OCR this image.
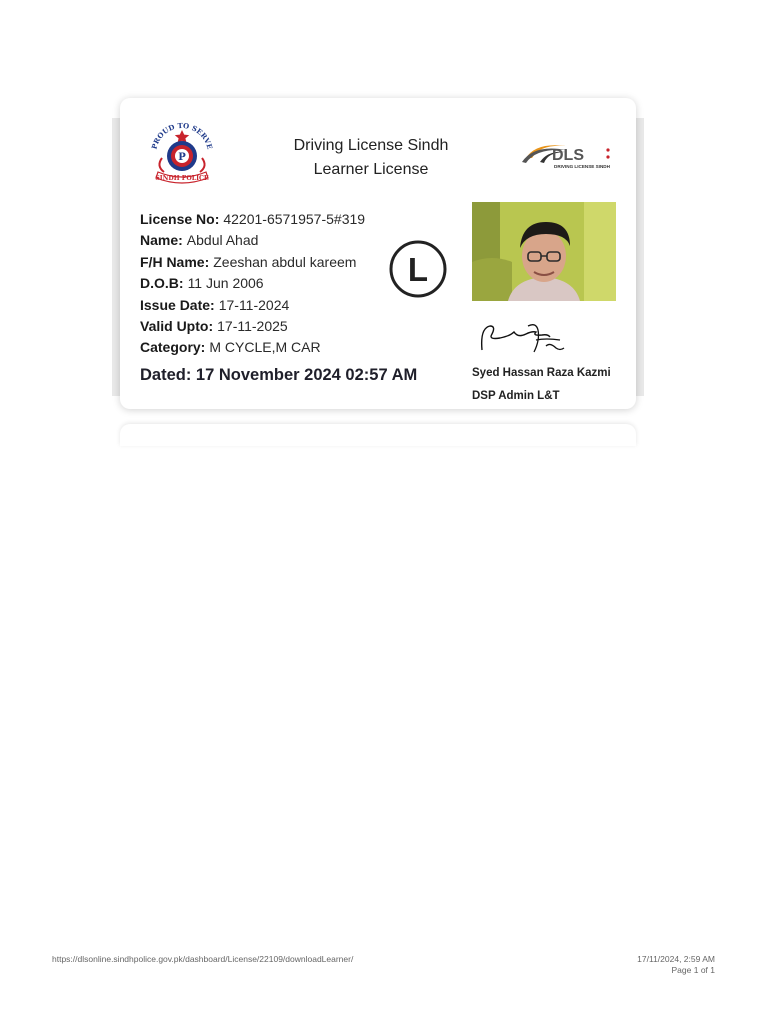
PROUD TO SERVE
P
SINDH POLICE
Driving License Sindh
Learner License
DLS
DRIVING LICENSE SINDH
License No: 42201-6571957-5#319
Name: Abdul Ahad
F/H Name: Zeeshan abdul kareem
D.O.B: 11 Jun 2006
Issue Date: 17-11-2024
Valid Upto: 17-11-2025
Category: M CYCLE,M CAR
Dated: 17 November 2024 02:57 AM
L
Syed Hassan Raza Kazmi
DSP Admin L&T
https://dlsonline.sindhpolice.gov.pk/dashboard/License/22109/downloadLearner/	17/11/2024, 2:59 AM
Page 1 of 1
